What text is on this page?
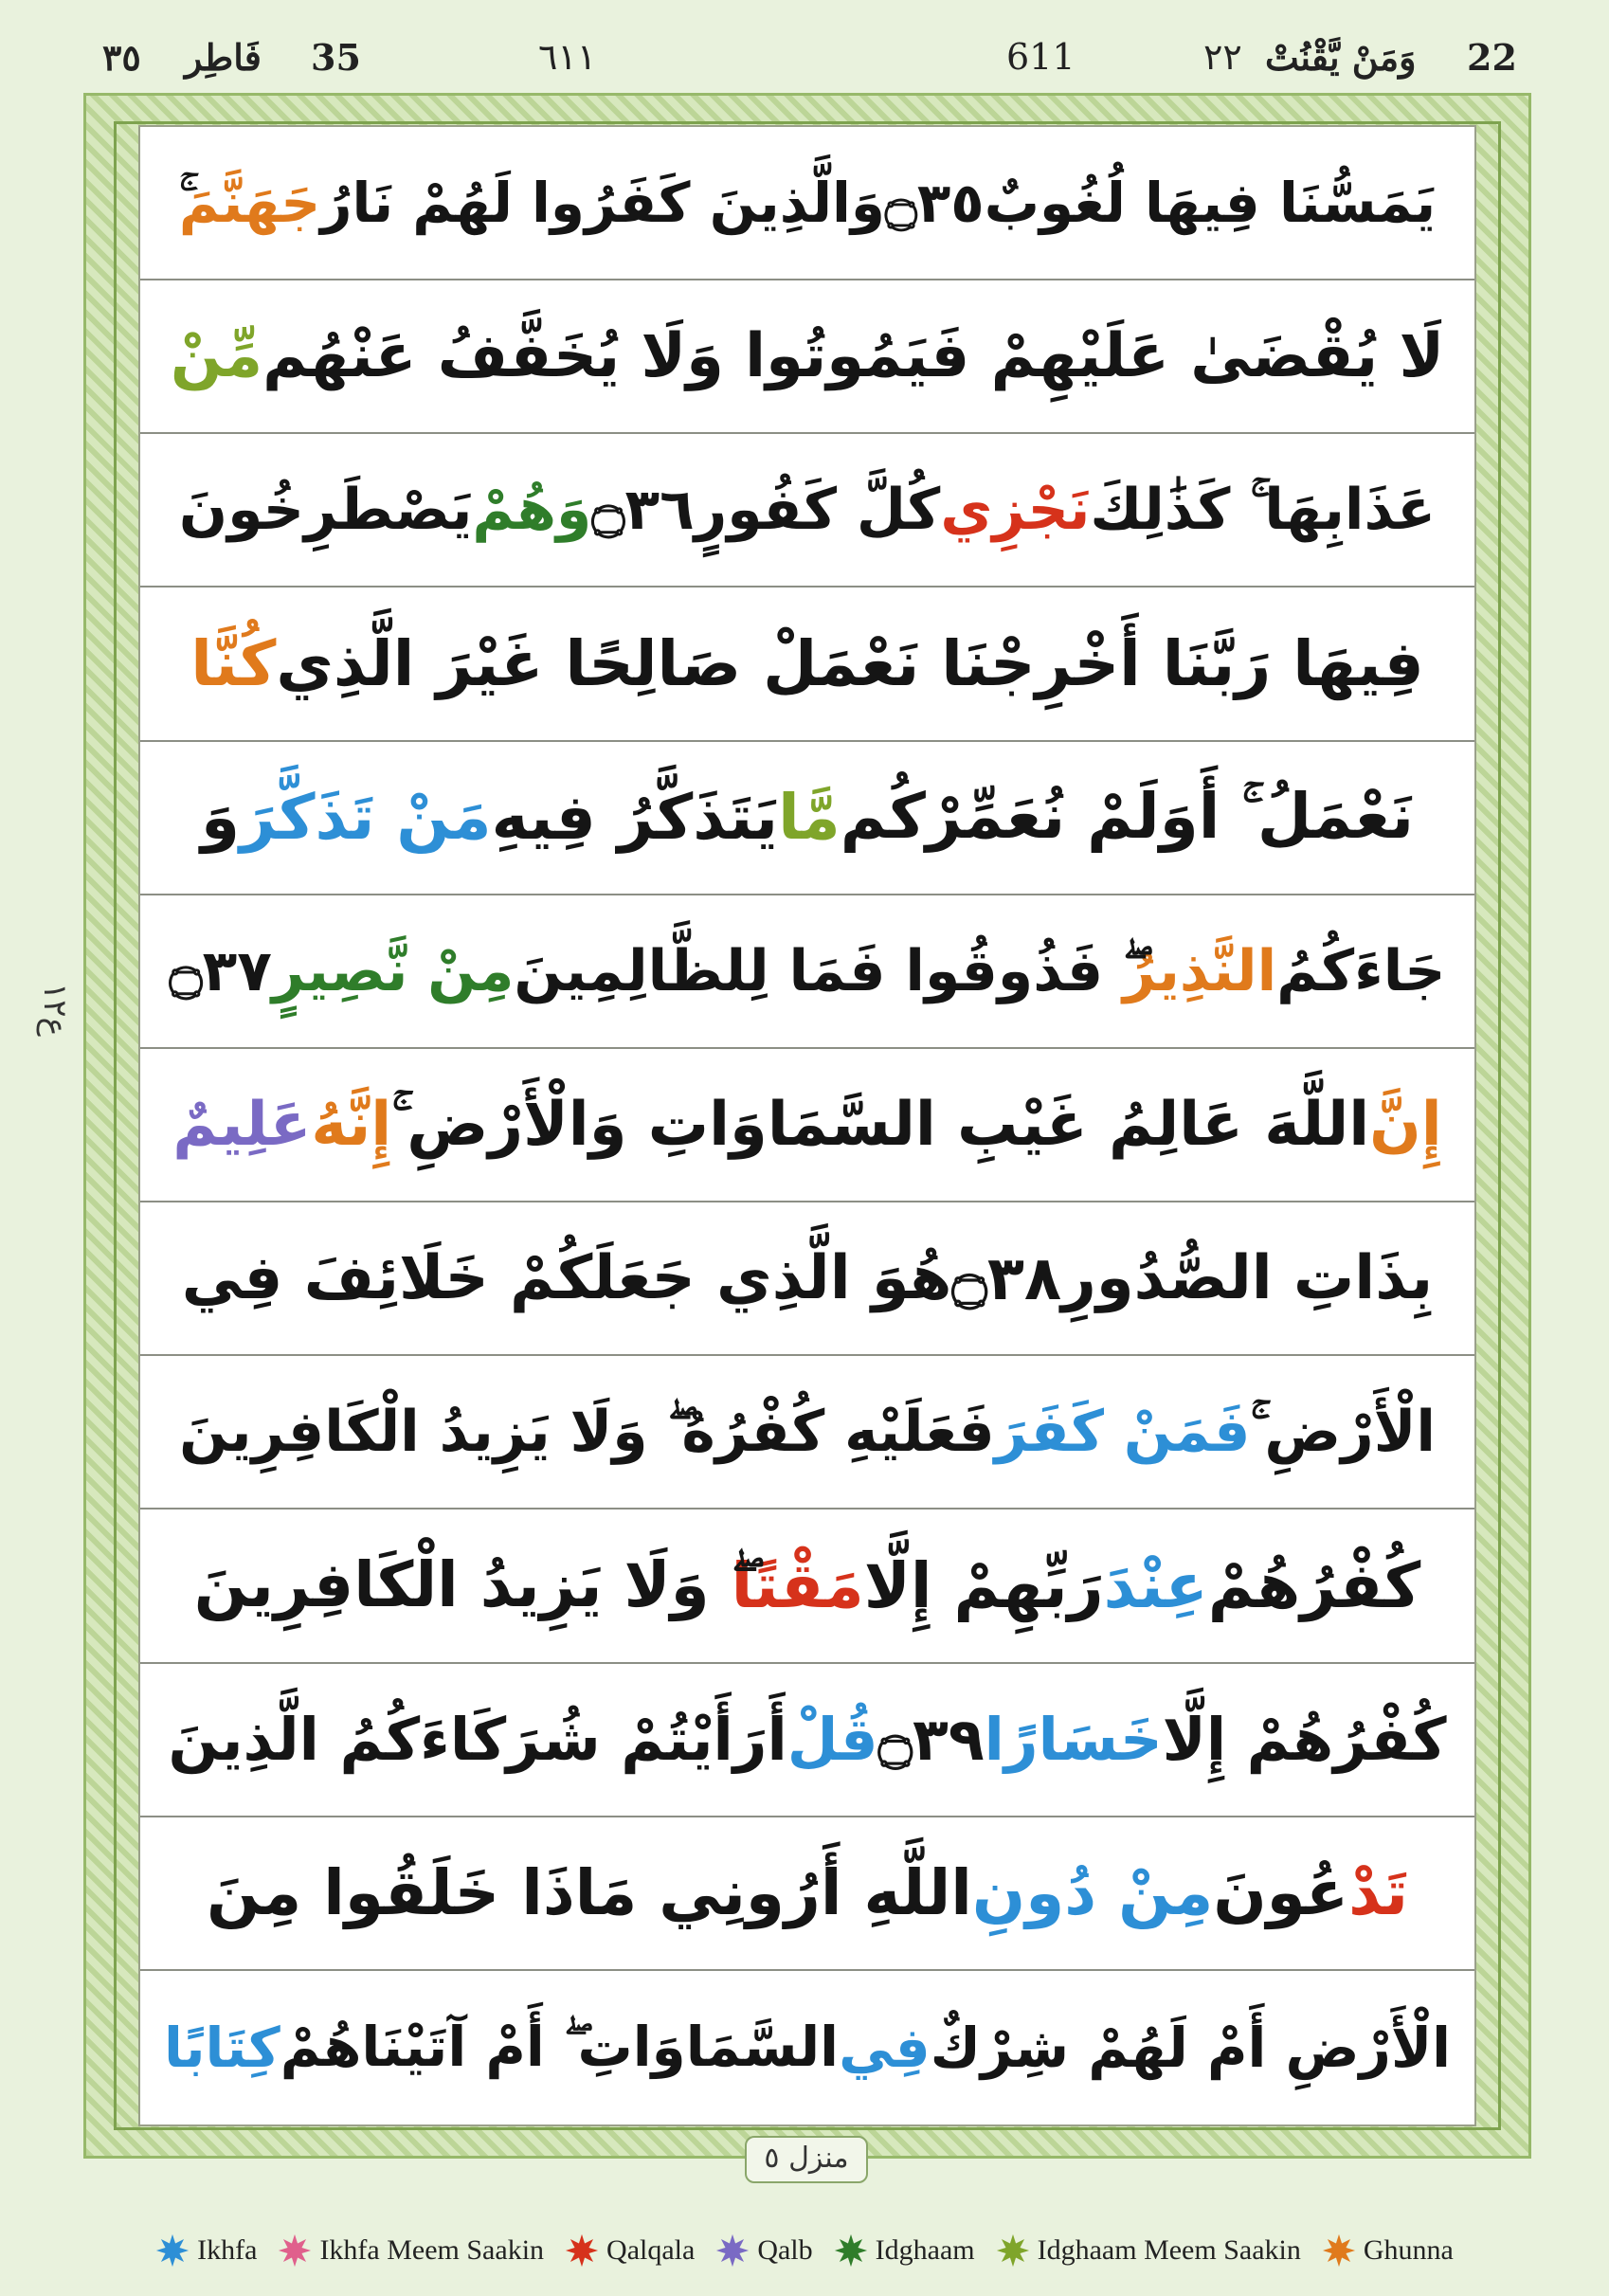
٣٥ فَاطِر 35	٦١١	611	٢٢ وَمَنْ يَّقْنُتْ 22
يَمَسُّنَا فِيهَا لُغُوبٌ
۝٣٥
وَالَّذِينَ كَفَرُوا لَهُمْ نَارُ
جَهَنَّمَ
لَا يُقْضَىٰ عَلَيْهِمْ فَيَمُوتُوا وَلَا يُخَفَّفُ عَنْهُم
مِّنْ
عَذَابِهَا ۚ كَذَٰلِكَ
نَجْزِي
كُلَّ كَفُورٍ
۝٣٦
وَهُمْ
يَصْطَرِخُونَ
فِيهَا رَبَّنَا أَخْرِجْنَا نَعْمَلْ صَالِحًا غَيْرَ الَّذِي
كُنَّا
نَعْمَلُ ۚ أَوَلَمْ نُعَمِّرْكُم
مَّا
يَتَذَكَّرُ فِيهِ
مَنْ تَذَكَّرَ
وَ
جَاءَكُمُ
النَّذِيرُ
ۖ فَذُوقُوا فَمَا لِلظَّالِمِينَ
مِنْ نَّصِيرٍ
۝٣٧
إِنَّ
اللَّهَ عَالِمُ غَيْبِ السَّمَاوَاتِ وَالْأَرْضِ ۚ
إِنَّهُ
عَلِيمٌ
بِذَاتِ الصُّدُورِ
۝٣٨
هُوَ الَّذِي جَعَلَكُمْ خَلَائِفَ فِي
الْأَرْضِ ۚ
فَمَنْ كَفَرَ
فَعَلَيْهِ كُفْرُهُ ۖ وَلَا يَزِيدُ الْكَافِرِينَ
كُفْرُهُمْ
عِنْدَ
رَبِّهِمْ إِلَّا
مَقْتًا
ۖ وَلَا يَزِيدُ الْكَافِرِينَ
كُفْرُهُمْ إِلَّا
خَسَارًا
۝٣٩
قُلْ
أَرَأَيْتُمْ شُرَكَاءَكُمُ الَّذِينَ
تَدْ
عُونَ
مِنْ دُونِ
اللَّهِ أَرُونِي مَاذَا خَلَقُوا مِنَ
الْأَرْضِ أَمْ لَهُمْ شِرْكٌ
فِي
السَّمَاوَاتِ ۖ أَمْ آتَيْنَاهُمْ
كِتَابًا
ع١٢
منزل ٥
Ikhfa Ikhfa Meem Saakin Qalqala Qalb Idghaam Idghaam Meem Saakin Ghunna
